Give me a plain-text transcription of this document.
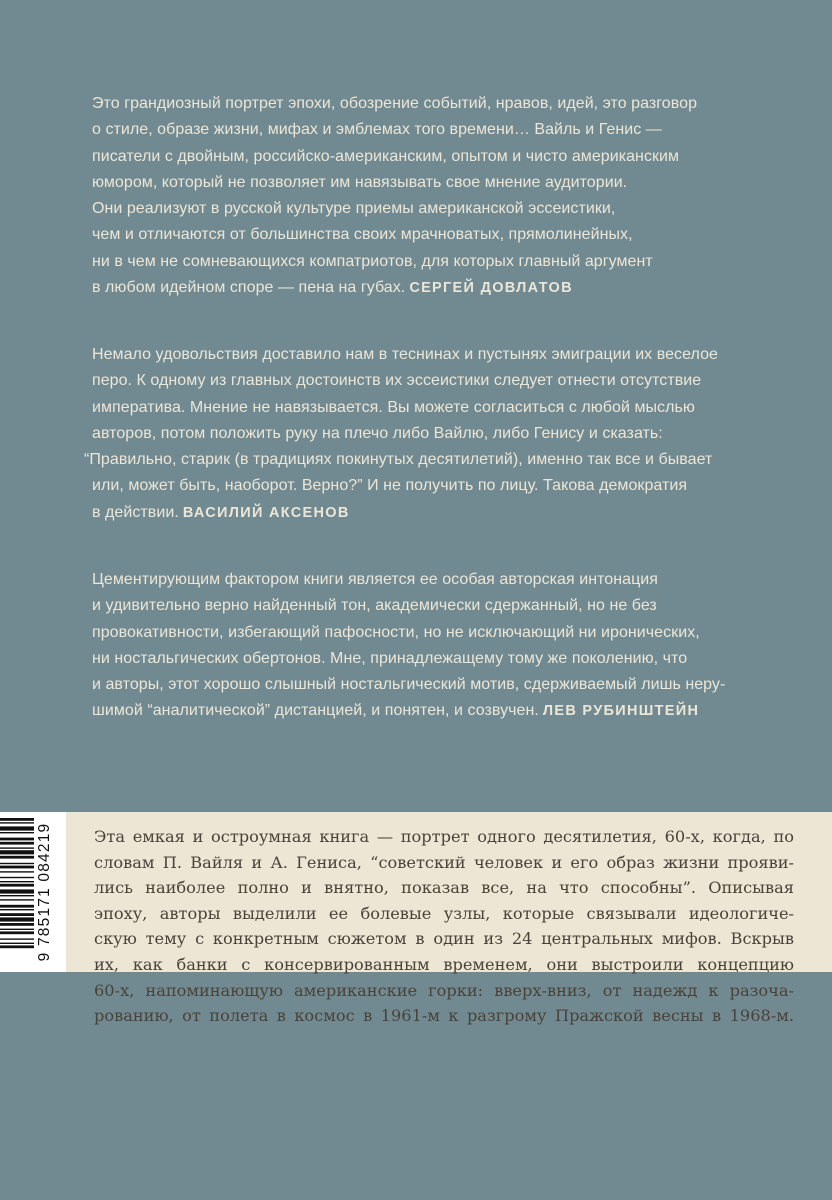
Это грандиозный портрет эпохи, обозрение событий, нравов, идей, это разговор
о стиле, образе жизни, мифах и эмблемах того времени… Вайль и Генис —
писатели с двойным, российско-американским, опытом и чисто американским
юмором, который не позволяет им навязывать свое мнение аудитории.
Они реализуют в русской культуре приемы американской эссеистики,
чем и отличаются от большинства своих мрачноватых, прямолинейных,
ни в чем не сомневающихся компатриотов, для которых главный аргумент
в любом идейном споре — пена на губах. СЕРГЕЙ ДОВЛАТОВ
Немало удовольствия доставило нам в теснинах и пустынях эмиграции их веселое
перо. К одному из главных достоинств их эссеистики следует отнести отсутствие
императива. Мнение не навязывается. Вы можете согласиться с любой мыслью
авторов, потом положить руку на плечо либо Вайлю, либо Генису и сказать:
“Правильно, старик (в традициях покинутых десятилетий), именно так все и бывает
или, может быть, наоборот. Верно?” И не получить по лицу. Такова демократия
в действии. ВАСИЛИЙ АКСЕНОВ
Цементирующим фактором книги является ее особая авторская интонация
и удивительно верно найденный тон, академически сдержанный, но не без
провокативности, избегающий пафосности, но не исключающий ни иронических,
ни ностальгических обертонов. Мне, принадлежащему тому же поколению, что
и авторы, этот хорошо слышный ностальгический мотив, сдерживаемый лишь неру-
шимой “аналитической” дистанцией, и понятен, и созвучен. ЛЕВ РУБИНШТЕЙН
9 785171 084219	Эта емкая и остроумная книга — портрет одного десятилетия, 60-х, когда, по
словам П. Вайля и А. Гениса, “советский человек и его образ жизни прояви-
лись наиболее полно и внятно, показав все, на что способны”. Описывая
эпоху, авторы выделили ее болевые узлы, которые связывали идеологиче-
скую тему с конкретным сюжетом в один из 24 центральных мифов. Вскрыв
их, как банки с консервированным временем, они выстроили концепцию
60-х, напоминающую американские горки: вверх-вниз, от надежд к разоча-
рованию, от полета в космос в 1961-м к разгрому Пражской весны в 1968-м.
